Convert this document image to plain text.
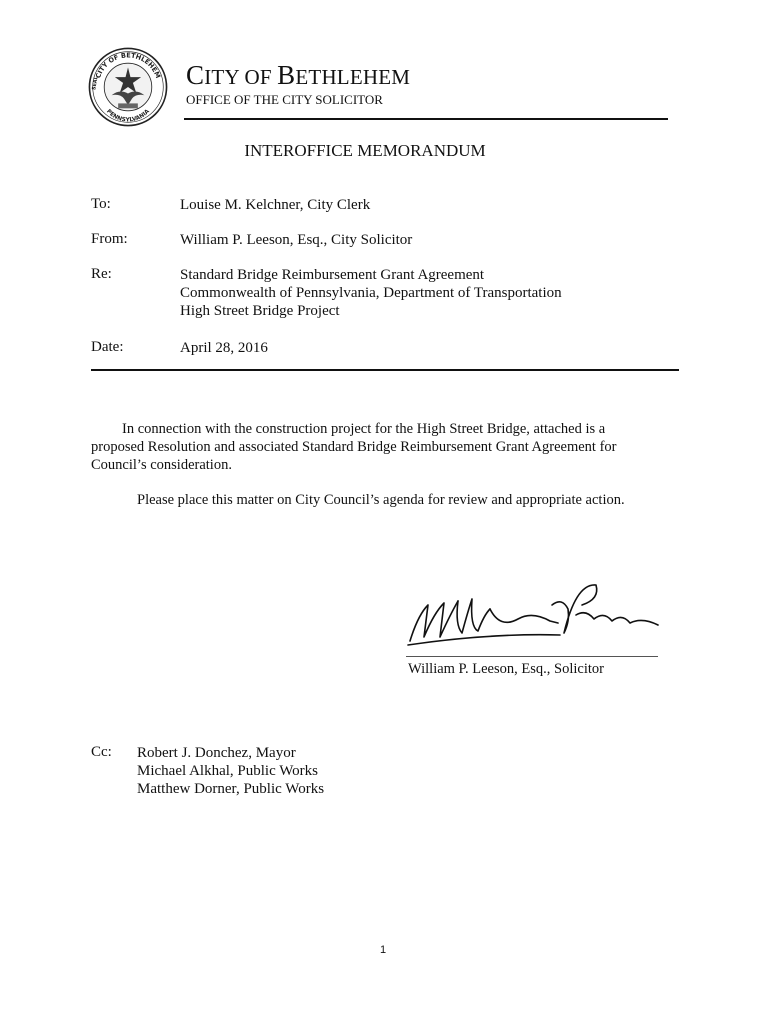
CITY OF BETHLEHEM
PENNSYLVANIA
SEAL	CITY OF BETHLEHEM
OFFICE OF THE CITY SOLICITOR
INTEROFFICE MEMORANDUM
To:	Louise M. Kelchner, City Clerk
From:	William P. Leeson, Esq., City Solicitor
Re:	Standard Bridge Reimbursement Grant Agreement
Commonwealth of Pennsylvania, Department of Transportation
High Street Bridge Project
Date:	April 28, 2016
In connection with the construction project for the High Street Bridge, attached is a proposed Resolution and associated Standard Bridge Reimbursement Grant Agreement for Council’s consideration.
Please place this matter on City Council’s agenda for review and appropriate action.
William P. Leeson, Esq., Solicitor
Cc: Robert J. Donchez, Mayor
Michael Alkhal, Public Works
Matthew Dorner, Public Works
1
